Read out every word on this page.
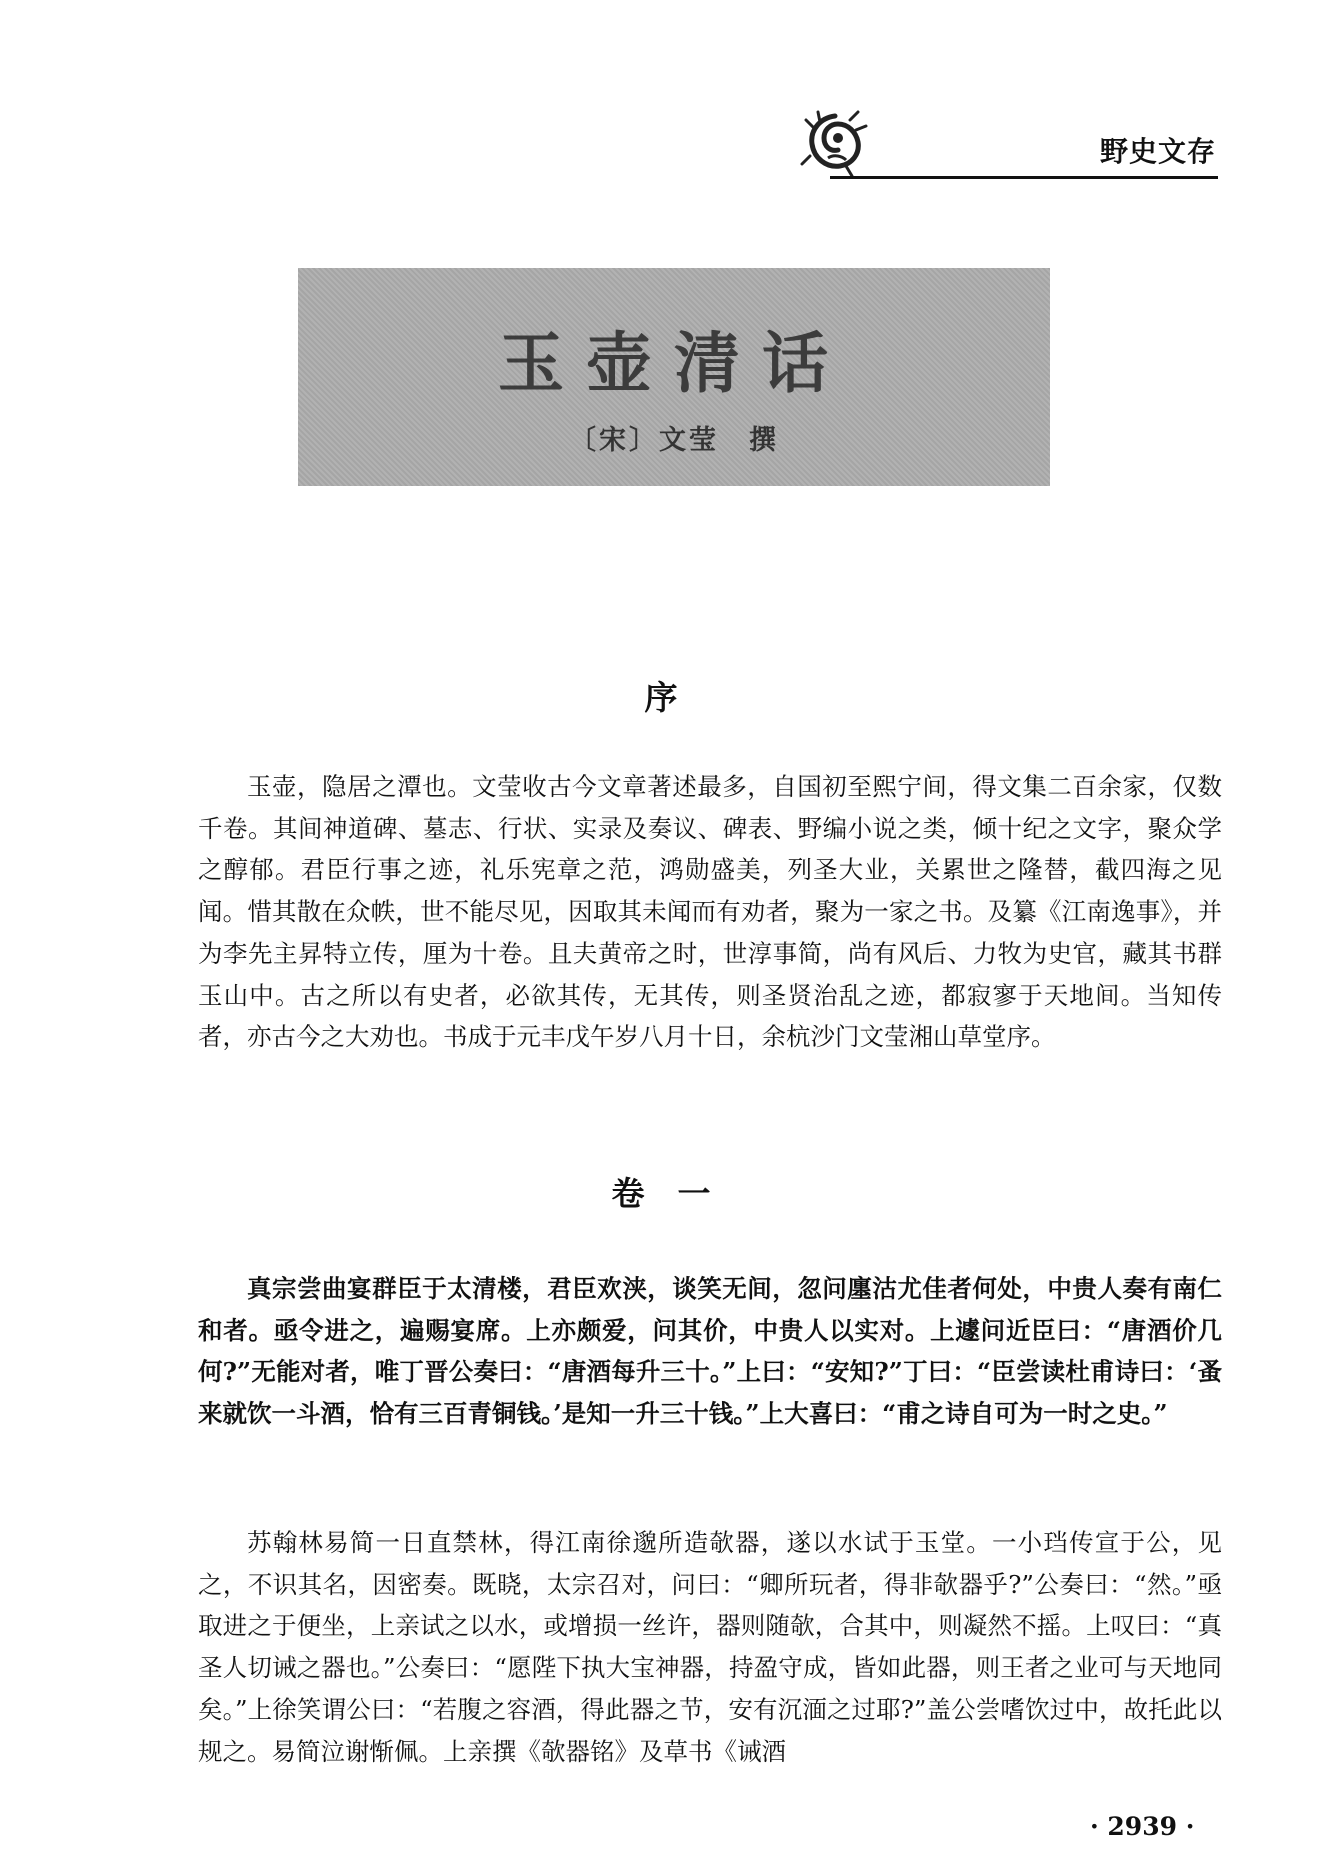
野史文存
玉壶清话
〔宋〕文莹　撰
序

玉壶，隐居之潭也。文莹收古今文章著述最多，自国初至熙宁间，得文集二百余家，仅数千卷。其间神道碑、墓志、行状、实录及奏议、碑表、野编小说之类，倾十纪之文字，聚众学之醇郁。君臣行事之迹，礼乐宪章之范，鸿勋盛美，列圣大业，关累世之隆替，截四海之见闻。惜其散在众帙，世不能尽见，因取其未闻而有劝者，聚为一家之书。及纂《江南逸事》，并为李先主昇特立传，厘为十卷。且夫黄帝之时，世淳事简，尚有风后、力牧为史官，藏其书群玉山中。古之所以有史者，必欲其传，无其传，则圣贤治乱之迹，都寂寥于天地间。当知传者，亦古今之大劝也。书成于元丰戊午岁八月十日，余杭沙门文莹湘山草堂序。

卷　一

真宗尝曲宴群臣于太清楼，君臣欢浃，谈笑无间，忽问廛沽尤佳者何处，中贵人奏有南仁和者。亟令进之，遍赐宴席。上亦颇爱，问其价，中贵人以实对。上遽问近臣曰：“唐酒价几何?”无能对者，唯丁晋公奏曰：“唐酒每升三十。”上曰：“安知?”丁曰：“臣尝读杜甫诗曰：‘蚤来就饮一斗酒，恰有三百青铜钱。’是知一升三十钱。”上大喜曰：“甫之诗自可为一时之史。”

苏翰林易简一日直禁林，得江南徐邈所造欹器，遂以水试于玉堂。一小珰传宣于公，见之，不识其名，因密奏。既晓，太宗召对，问曰：“卿所玩者，得非欹器乎?”公奏曰：“然。”亟取进之于便坐，上亲试之以水，或增损一丝许，器则随欹，合其中，则凝然不摇。上叹曰：“真圣人切诫之器也。”公奏曰：“愿陛下执大宝神器，持盈守成，皆如此器，则王者之业可与天地同矣。”上徐笑谓公曰：“若腹之容酒，得此器之节，安有沉湎之过耶?”盖公尝嗜饮过中，故托此以规之。易简泣谢惭佩。上亲撰《欹器铭》及草书《诫酒

· 2939 ·
